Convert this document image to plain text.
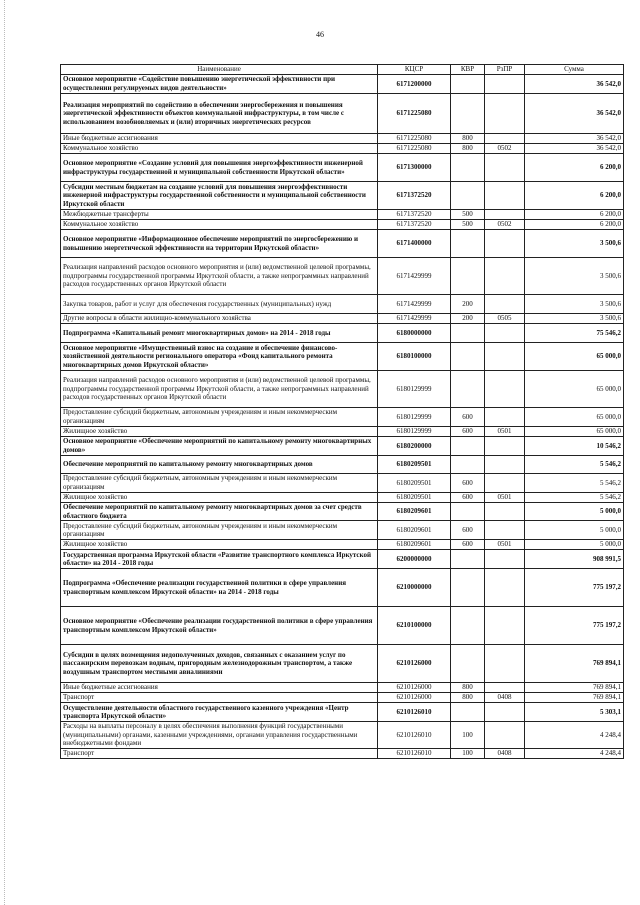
46
Наименование	КЦСР	КВР	РзПР	Сумма
Основное мероприятие «Содействие повышению энергетической эффективности при осуществлении регулируемых видов деятельности»	6171200000			36 542,0
Реализация мероприятий по содействию в обеспечении энергосбережения и повышения энергетической эффективности объектов коммунальной инфраструктуры, в том числе с использованием возобновляемых и (или) вторичных энергетических ресурсов	6171225080			36 542,0
Иные бюджетные ассигнования	6171225080	800		36 542,0
Коммунальное хозяйство	6171225080	800	0502	36 542,0
Основное мероприятие «Создание условий для повышения энергоэффективности инженерной инфраструктуры государственной и муниципальной собственности Иркутской области»	6171300000			6 200,0
Субсидии местным бюджетам на создание условий для повышения энергоэффективности инженерной инфраструктуры государственной собственности и муниципальной собственности Иркутской области	6171372520			6 200,0
Межбюджетные трансферты	6171372520	500		6 200,0
Коммунальное хозяйство	6171372520	500	0502	6 200,0
Основное мероприятие «Информационное обеспечение мероприятий по энергосбережению и повышению энергетической эффективности на территории Иркутской области»	6171400000			3 500,6
Реализация направлений расходов основного мероприятия и (или) ведомственной целевой программы, подпрограммы государственной программы Иркутской области, а также непрограммных направлений расходов государственных органов Иркутской области	6171429999			3 500,6
Закупка товаров, работ и услуг для обеспечения государственных (муниципальных) нужд	6171429999	200		3 500,6
Другие вопросы в области жилищно-коммунального хозяйства	6171429999	200	0505	3 500,6
Подпрограмма «Капитальный ремонт многоквартирных домов» на 2014 - 2018 годы	6180000000			75 546,2
Основное мероприятие «Имущественный взнос на создание и обеспечение финансово-хозяйственной деятельности регионального оператора «Фонд капитального ремонта многоквартирных домов Иркутской области»	6180100000			65 000,0
Реализация направлений расходов основного мероприятия и (или) ведомственной целевой программы, подпрограммы государственной программы Иркутской области, а также непрограммных направлений расходов государственных органов Иркутской области	6180129999			65 000,0
Предоставление субсидий бюджетным, автономным учреждениям и иным некоммерческим организациям	6180129999	600		65 000,0
Жилищное хозяйство	6180129999	600	0501	65 000,0
Основное мероприятие «Обеспечение мероприятий по капитальному ремонту многоквартирных домов»	6180200000			10 546,2
Обеспечение мероприятий по капитальному ремонту многоквартирных домов	6180209501			5 546,2
Предоставление субсидий бюджетным, автономным учреждениям и иным некоммерческим организациям	6180209501	600		5 546,2
Жилищное хозяйство	6180209501	600	0501	5 546,2
Обеспечение мероприятий по капитальному ремонту многоквартирных домов за счет средств областного бюджета	6180209601			5 000,0
Предоставление субсидий бюджетным, автономным учреждениям и иным некоммерческим организациям	6180209601	600		5 000,0
Жилищное хозяйство	6180209601	600	0501	5 000,0
Государственная программа Иркутской области «Развитие транспортного комплекса Иркутской области» на 2014 - 2018 годы	6200000000			908 991,5
Подпрограмма «Обеспечение реализации государственной политики в сфере управления транспортным комплексом Иркутской области» на 2014 - 2018 годы	6210000000			775 197,2
Основное мероприятие «Обеспечение реализации государственной политики в сфере управления транспортным комплексом Иркутской области»	6210100000			775 197,2
Субсидии в целях возмещения недополученных доходов, связанных с оказанием услуг по пассажирским перевозкам водным, пригородным железнодорожным транспортом, а также воздушным транспортом местными авиалиниями	6210126000			769 894,1
Иные бюджетные ассигнования	6210126000	800		769 894,1
Транспорт	6210126000	800	0408	769 894,1
Осуществление деятельности областного государственного казенного учреждения «Центр транспорта Иркутской области»	6210126010			5 303,1
Расходы на выплаты персоналу в целях обеспечения выполнения функций государственными (муниципальными) органами, казенными учреждениями, органами управления государственными внебюджетными фондами	6210126010	100		4 248,4
Транспорт	6210126010	100	0408	4 248,4
